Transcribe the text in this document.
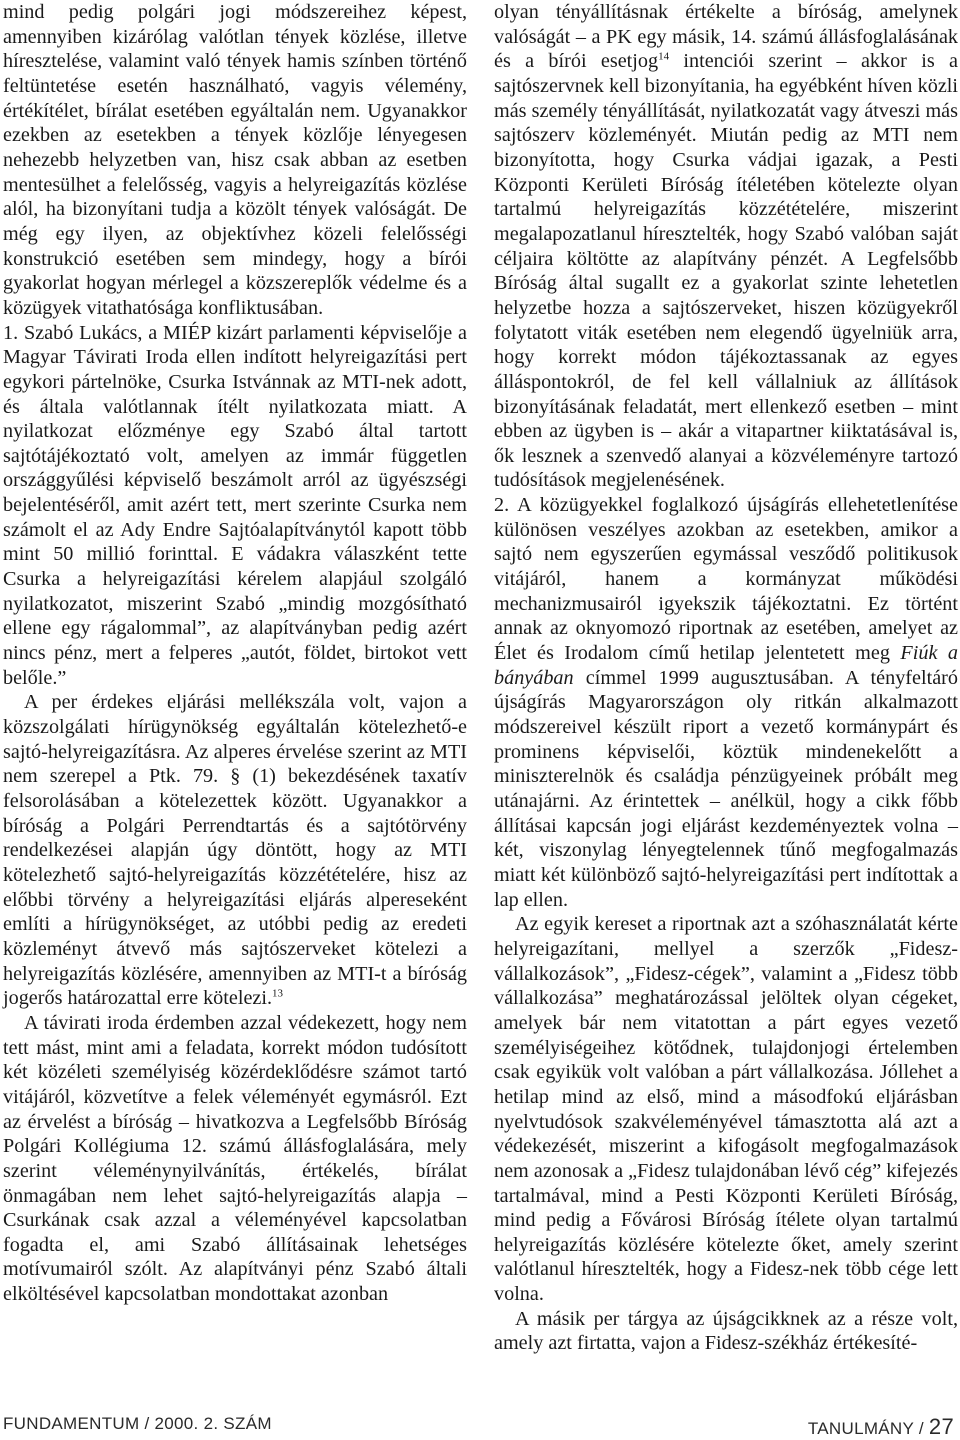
mind pedig polgári jogi módszereihez képest, amennyiben kizárólag valótlan tények közlése, illetve híresztelése, valamint való tények hamis színben történő feltüntetése esetén használható, vagyis vélemény, értékítélet, bírálat esetében egyáltalán nem. Ugyanakkor ezekben az esetekben a tények közlője lényegesen nehezebb helyzetben van, hisz csak abban az esetben mentesülhet a felelősség, vagyis a helyreigazítás közlése alól, ha bizonyítani tudja a közölt tények valóságát. De még egy ilyen, az objektívhez közeli felelősségi konstrukció esetében sem mindegy, hogy a bírói gyakorlat hogyan mérlegel a közszereplők védelme és a közügyek vitathatósága konfliktusában.

1. Szabó Lukács, a MIÉP kizárt parlamenti képviselője a Magyar Távirati Iroda ellen indított helyreigazítási pert egykori pártelnöke, Csurka Istvánnak az MTI-nek adott, és általa valótlannak ítélt nyilatkozata miatt. A nyilatkozat előzménye egy Szabó által tartott sajtótájékoztató volt, amelyen az immár független országgyűlési képviselő beszámolt arról az ügyészségi bejelentéséről, amit azért tett, mert szerinte Csurka nem számolt el az Ady Endre Sajtóalapítványtól kapott több mint 50 millió forinttal. E vádakra válaszként tette Csurka a helyreigazítási kérelem alapjául szolgáló nyilatkozatot, miszerint Szabó „mindig mozgósítható ellene egy rágalommal”, az alapítványban pedig azért nincs pénz, mert a felperes „autót, földet, birtokot vett belőle.”

A per érdekes eljárási mellékszála volt, vajon a közszolgálati hírügynökség egyáltalán kötelezhető-e sajtó-helyreigazításra. Az alperes érvelése szerint az MTI nem szerepel a Ptk. 79. § (1) bekezdésének taxatív felsorolásában a kötelezettek között. Ugyanakkor a bíróság a Polgári Perrendtartás és a sajtótörvény rendelkezései alapján úgy döntött, hogy az MTI kötelezhető sajtó-helyreigazítás közzétételére, hisz az előbbi törvény a helyreigazítási eljárás alpereseként említi a hírügynökséget, az utóbbi pedig az eredeti közleményt átvevő más sajtószerveket kötelezi a helyreigazítás közlésére, amennyiben az MTI-t a bíróság jogerős határozattal erre kötelezi.$^{13}$

A távirati iroda érdemben azzal védekezett, hogy nem tett mást, mint ami a feladata, korrekt módon tudósított két közéleti személyiség közérdeklődésre számot tartó vitájáról, közvetítve a felek véleményét egymásról. Ezt az érvelést a bíróság – hivatkozva a Legfelsőbb Bíróság Polgári Kollégiuma 12. számú állásfoglalására, mely szerint véleménynyilvánítás, értékelés, bírálat önmagában nem lehet sajtó-helyreigazítás alapja – Csurkának csak azzal a véleményével kapcsolatban fogadta el, ami Szabó állításainak lehetséges motívumairól szólt. Az alapítványi pénz Szabó általi elköltésével kapcsolatban mondottakat azonban

olyan tényállításnak értékelte a bíróság, amelynek valóságát – a PK egy másik, 14. számú állásfoglalásának és a bírói esetjog$^{14}$ intenciói szerint – akkor is a sajtószervnek kell bizonyítania, ha egyébként híven közli más személy tényállítását, nyilatkozatát vagy átveszi más sajtószerv közleményét. Miután pedig az MTI nem bizonyította, hogy Csurka vádjai igazak, a Pesti Központi Kerületi Bíróság ítéletében kötelezte olyan tartalmú helyreigazítás közzétételére, miszerint megalapozatlanul híresztelték, hogy Szabó valóban saját céljaira költötte az alapítvány pénzét. A Legfelsőbb Bíróság által sugallt ez a gyakorlat szinte lehetetlen helyzetbe hozza a sajtószerveket, hiszen közügyekről folytatott viták esetében nem elegendő ügyelniük arra, hogy korrekt módon tájékoztassanak az egyes álláspontokról, de fel kell vállalniuk az állítások bizonyításának feladatát, mert ellenkező esetben – mint ebben az ügyben is – akár a vitapartner kiiktatásával is, ők lesznek a szenvedő alanyai a közvéleményre tartozó tudósítások megjelenésének.

2. A közügyekkel foglalkozó újságírás ellehetetlenítése különösen veszélyes azokban az esetekben, amikor a sajtó nem egyszerűen egymással vesződő politikusok vitájáról, hanem a kormányzat működési mechanizmusairól igyekszik tájékoztatni. Ez történt annak az oknyomozó riportnak az esetében, amelyet az Élet és Irodalom című hetilap jelentetett meg Fiúk a bányában címmel 1999 augusztusában. A tényfeltáró újságírás Magyarországon oly ritkán alkalmazott módszereivel készült riport a vezető kormánypárt és prominens képviselői, köztük mindenekelőtt a miniszterelnök és családja pénzügyeinek próbált meg utánajárni. Az érintettek – anélkül, hogy a cikk főbb állításai kapcsán jogi eljárást kezdeményeztek volna – két, viszonylag lényegtelennek tűnő megfogalmazás miatt két különböző sajtó-helyreigazítási pert indítottak a lap ellen.

Az egyik kereset a riportnak azt a szóhasználatát kérte helyreigazítani, mellyel a szerzők „Fidesz-vállalkozások”, „Fidesz-cégek”, valamint a „Fidesz több vállalkozása” meghatározással jelöltek olyan cégeket, amelyek bár nem vitatottan a párt egyes vezető személyiségeihez kötődnek, tulajdonjogi értelemben csak egyikük volt valóban a párt vállalkozása. Jóllehet a hetilap mind az első, mind a másodfokú eljárásban nyelvtudósok szakvéleményével támasztotta alá azt a védekezését, miszerint a kifogásolt megfogalmazások nem azonosak a „Fidesz tulajdonában lévő cég” kifejezés tartalmával, mind a Pesti Központi Kerületi Bíróság, mind pedig a Fővárosi Bíróság ítélete olyan tartalmú helyreigazítás közlésére kötelezte őket, amely szerint valótlanul híresztelték, hogy a Fidesz-nek több cége lett volna.

A másik per tárgya az újságcikknek az a része volt, amely azt firtatta, vajon a Fidesz-székház értékesíté-

FUNDAMENTUM / 2000. 2. SZÁM	TANULMÁNY / 27
